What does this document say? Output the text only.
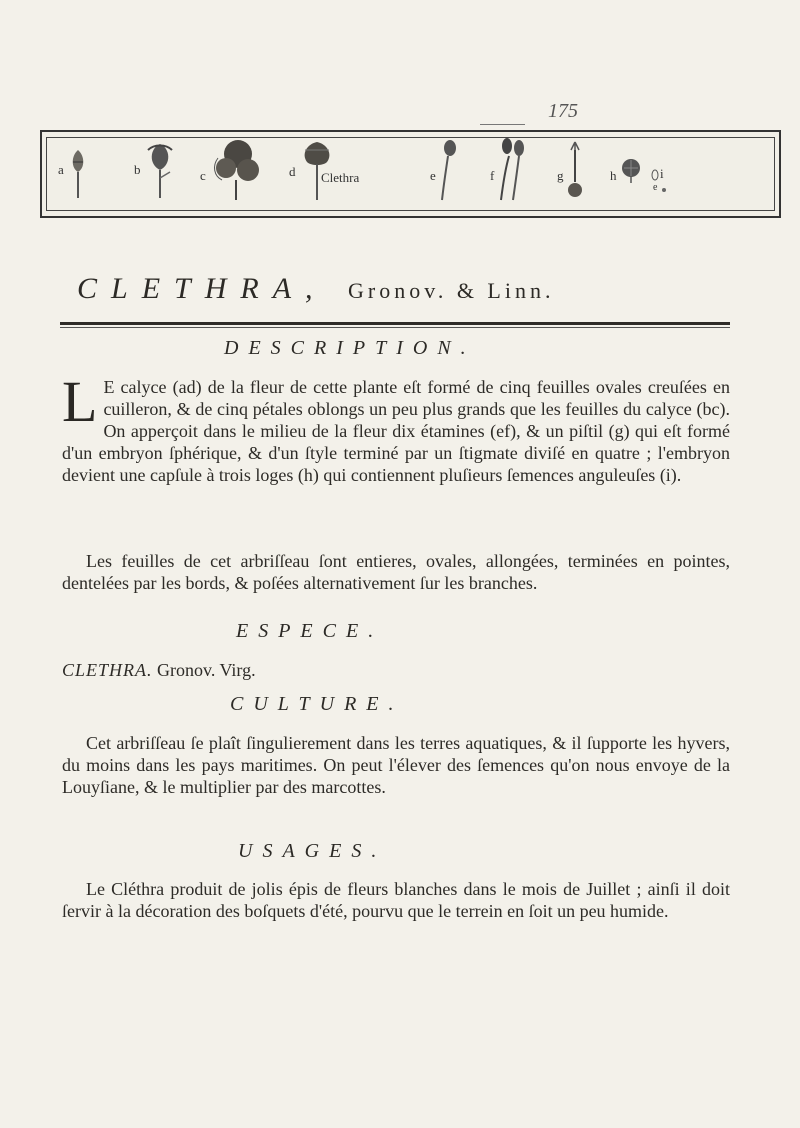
175
a	b	c	d Clethra	e	f	g	h	i
e
CLETHRA, Gronov. & Linn.
DESCRIPTION.
L E calyce (ad) de la fleur de cette plante eſt formé de cinq feuilles ovales creuſées en cuilleron, & de cinq pétales oblongs un peu plus grands que les feuilles du calyce (bc). On apperçoit dans le milieu de la fleur dix étamines (ef), & un piſtil (g) qui eſt formé d'un embryon ſphérique, & d'un ſtyle terminé par un ſtigmate diviſé en quatre ; l'embryon devient une capſule à trois loges (h) qui contiennent pluſieurs ſemences anguleuſes (i).
Les feuilles de cet arbriſſeau ſont entieres, ovales, allongées, terminées en pointes, dentelées par les bords, & poſées alternativement ſur les branches.
ESPECE.
CLETHRA. Gronov. Virg.
CULTURE.
Cet arbriſſeau ſe plaît ſingulierement dans les terres aquatiques, & il ſupporte les hyvers, du moins dans les pays maritimes. On peut l'élever des ſemences qu'on nous envoye de la Louyſiane, & le multiplier par des marcottes.
USAGES.
Le Cléthra produit de jolis épis de fleurs blanches dans le mois de Juillet ; ainſi il doit ſervir à la décoration des boſquets d'été, pourvu que le terrein en ſoit un peu humide.
